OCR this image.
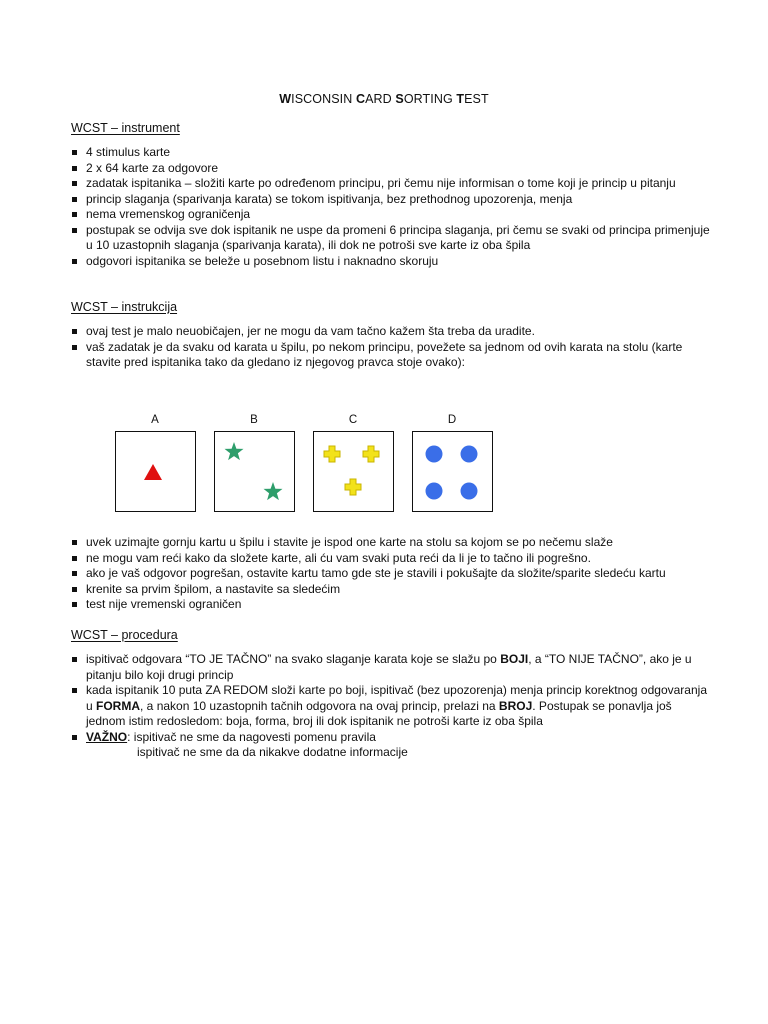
WISCONSIN CARD SORTING TEST
WCST – instrument
4 stimulus karte
2 x 64 karte za odgovore
zadatak ispitanika – složiti karte po određenom principu, pri čemu nije informisan o tome koji je princip u pitanju
princip slaganja (sparivanja karata) se tokom ispitivanja, bez prethodnog upozorenja, menja
nema vremenskog ograničenja
postupak se odvija sve dok ispitanik ne uspe da promeni 6 principa slaganja, pri čemu se svaki od principa primenjuje u 10 uzastopnih slaganja (sparivanja karata), ili dok ne potroši sve karte iz oba špila
odgovori ispitanika se beleže u posebnom listu i naknadno skoruju
WCST – instrukcija
ovaj test je malo neuobičajen, jer ne mogu da vam tačno kažem šta treba da uradite.
vaš zadatak je da svaku od karata u špilu, po nekom principu, povežete sa jednom od ovih karata na stolu (karte stavite pred ispitanika tako da gledano iz njegovog pravca stoje ovako):
A	B	C	D
uvek uzimajte gornju kartu u špilu i stavite je ispod one karte na stolu sa kojom se po nečemu slaže
ne mogu vam reći kako da složete karte, ali ću vam svaki puta reći da li je to tačno ili pogrešno.
ako je vaš odgovor pogrešan, ostavite kartu tamo gde ste je stavili i pokušajte da složite/sparite sledeću kartu
krenite sa prvim špilom, a nastavite sa sledećim
test nije vremenski ograničen
WCST – procedura
ispitivač odgovara “TO JE TAČNO” na svako slaganje karata koje se slažu po BOJI, a “TO NIJE TAČNO”, ako je u pitanju bilo koji drugi princip
kada ispitanik 10 puta ZA REDOM složi karte po boji, ispitivač (bez upozorenja) menja princip korektnog odgovaranja u FORMA, a nakon 10 uzastopnih tačnih odgovora na ovaj princip, prelazi na BROJ. Postupak se ponavlja još jednom istim redosledom: boja, forma, broj ili dok ispitanik ne potroši karte iz oba špila
VAŽNO: ispitivač ne sme da nagovesti pomenu pravila
ispitivač ne sme da da nikakve dodatne informacije
